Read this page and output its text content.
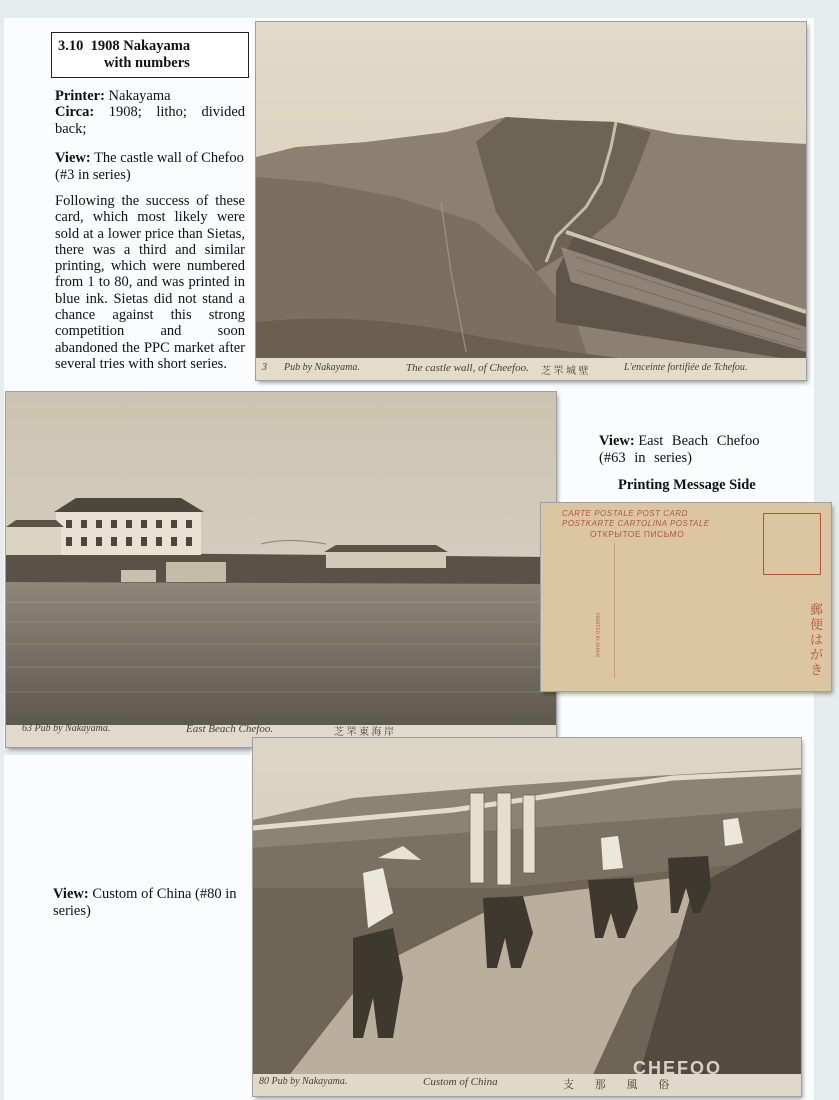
3.10 1908 Nakayama
with numbers
Printer: Nakayama
Circa: 1908; litho; divided back;
View: The castle wall of Chefoo (#3 in series)
Following the success of these card, which most likely were sold at a lower price than Sietas, there was a third and similar printing, which were numbered from 1 to 80, and was printed in blue ink. Sietas did not stand a chance against this strong competition and soon abandoned the PPC market after several tries with short series.	3 Pub by Nakayama.	The castle wall, of Cheefoo. 芝 罘 城 壁	L'enceinte fortifiée de Tchefou.
63 Pub by Nakayama.	East Beach Chefoo.	芝 罘 東 海 岸
View: East Beach Chefoo (#63 in series)
Printing Message Side
CARTE POSTALE POST CARD
POSTKARTE CARTOLINA POSTALE
ОТКРЫТОЕ ПИСЬМО
PRINTED IN JAPAN
郵便はがき
View: Custom of China (#80 in series)
CHEFOO
80 Pub by Nakayama.	Custom of China	支 那 風 俗
